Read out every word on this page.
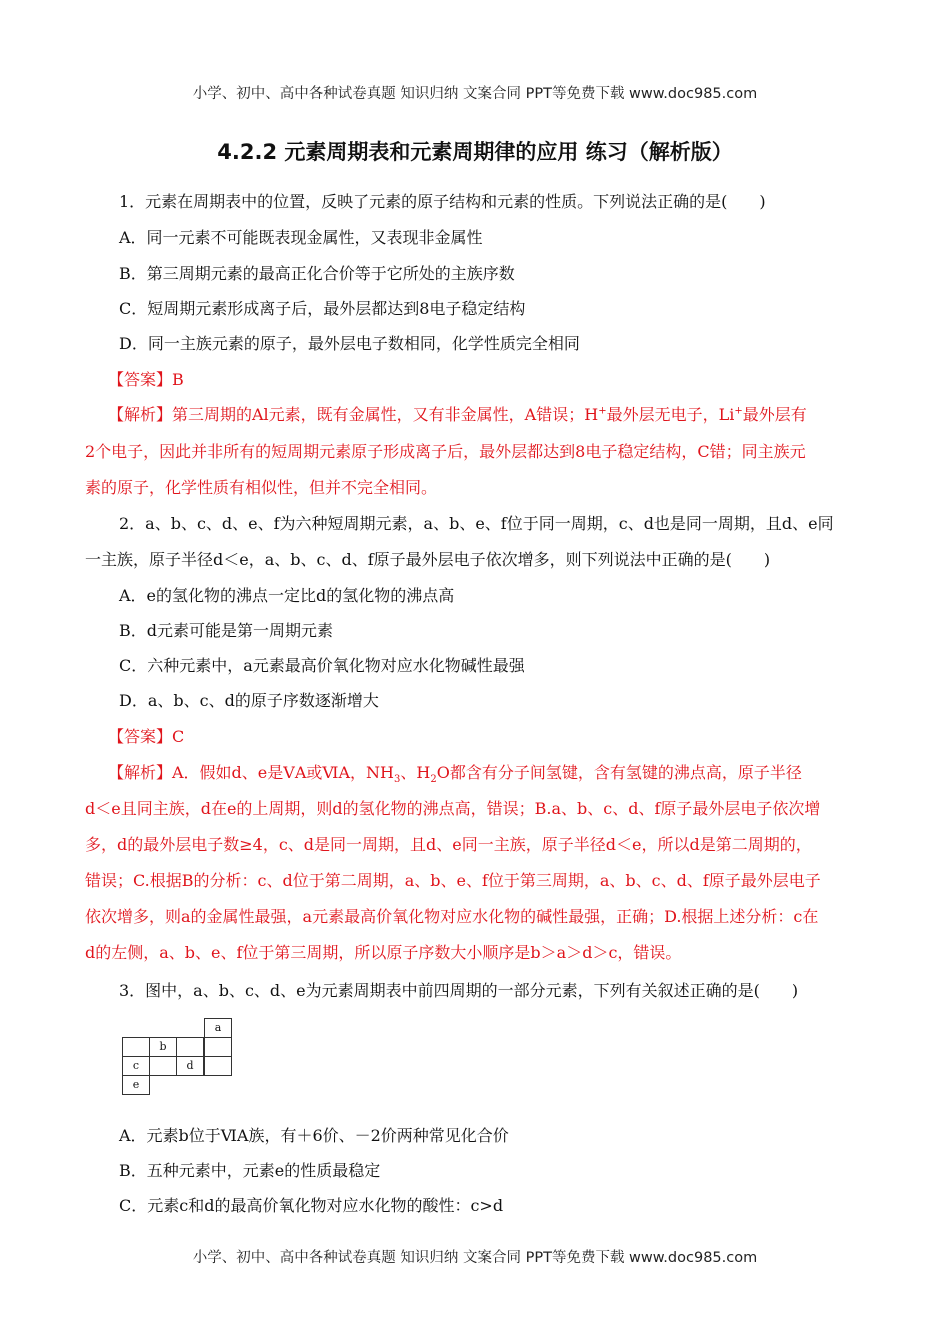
小学、初中、高中各种试卷真题 知识归纳 文案合同 PPT等免费下载 www.doc985.com
4.2.2 元素周期表和元素周期律的应用 练习（解析版）
1．元素在周期表中的位置，反映了元素的原子结构和元素的性质。下列说法正确的是(　　)
A．同一元素不可能既表现金属性，又表现非金属性
B．第三周期元素的最高正化合价等于它所处的主族序数
C．短周期元素形成离子后，最外层都达到8电子稳定结构
D．同一主族元素的原子，最外层电子数相同，化学性质完全相同
【答案】B
【解析】第三周期的Al元素，既有金属性，又有非金属性，A错误；H+最外层无电子，Li+最外层有
2个电子，因此并非所有的短周期元素原子形成离子后，最外层都达到8电子稳定结构，C错；同主族元
素的原子，化学性质有相似性，但并不完全相同。
2．a、b、c、d、e、f为六种短周期元素，a、b、e、f位于同一周期，c、d也是同一周期，且d、e同
一主族，原子半径d＜e，a、b、c、d、f原子最外层电子依次增多，则下列说法中正确的是(　　)
A．e的氢化物的沸点一定比d的氢化物的沸点高
B．d元素可能是第一周期元素
C．六种元素中，a元素最高价氧化物对应水化物碱性最强
D．a、b、c、d的原子序数逐渐增大
【答案】C
【解析】A．假如d、e是ⅤA或ⅥA，$NH_3$、$H_2O$都含有分子间氢键，含有氢键的沸点高，原子半径
d＜e且同主族，d在e的上周期，则d的氢化物的沸点高，错误；B.a、b、c、d、f原子最外层电子依次增
多，d的最外层电子数≥4，c、d是同一周期，且d、e同一主族，原子半径d＜e，所以d是第二周期的，
错误；C.根据B的分析：c、d位于第二周期，a、b、e、f位于第三周期，a、b、c、d、f原子最外层电子
依次增多，则a的金属性最强，a元素最高价氧化物对应水化物的碱性最强，正确；D.根据上述分析：c在
d的左侧，a、b、e、f位于第三周期，所以原子序数大小顺序是b＞a＞d＞c，错误。
3．图中，a、b、c、d、e为元素周期表中前四周期的一部分元素，下列有关叙述正确的是(　　)
a
b
c	d
e
A．元素b位于ⅥA族，有＋6价、－2价两种常见化合价
B．五种元素中，元素e的性质最稳定
C．元素c和d的最高价氧化物对应水化物的酸性：c>d
小学、初中、高中各种试卷真题 知识归纳 文案合同 PPT等免费下载 www.doc985.com
